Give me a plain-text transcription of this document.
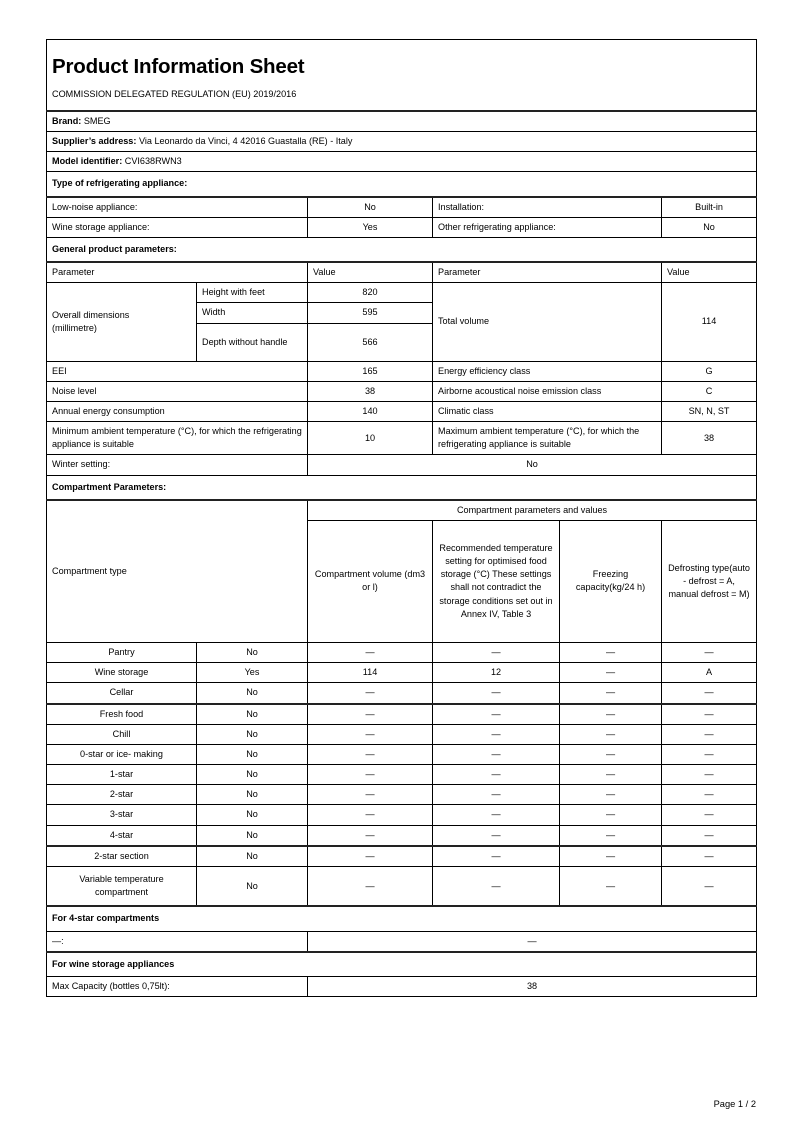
Product Information Sheet					

COMMISSION DELEGATED REGULATION (EU) 2019/2016					
Brand: SMEG					
Supplier’s address: Via Leonardo da Vinci, 4 42016 Guastalla (RE) - Italy					
Model identifier: CVI638RWN3					
Type of refrigerating appliance:					
Low-noise appliance:		No	Installation:		Built-in
Wine storage appliance:		Yes	Other refrigerating appliance:		No
General product parameters:					
Parameter		Value	Parameter		Value

Overall dimensions
(millimetre)	Height with feet	820	Total volume		114
	Width	595			
	Depth without handle	566			
EEI		165	Energy efficiency class		G
Noise level		38	Airborne acoustical noise emission class		C
Annual energy consumption		140	Climatic class		SN, N, ST
Minimum ambient temperature (°C), for which the refrigerating appliance is suitable		10	Maximum ambient temperature (°C), for which the refrigerating appliance is suitable		38
Winter setting:		No			
Compartment Parameters:					
Compartment type		Compartment parameters and values			
		Compartment volume (dm3 or l)	Recommended temperature setting for optimised food storage (°C) These settings shall not contradict the storage conditions set out in Annex IV, Table 3	Freezing capacity(kg/24 h)	Defrosting type(auto - defrost = A, manual defrost = M)
Pantry	No	—	—	—	—
Wine storage	Yes	114	12	—	A
Cellar	No	—	—	—	—
Fresh food	No	—	—	—	—
Chill	No	—	—	—	—
0-star or ice- making	No	—	—	—	—
1-star	No	—	—	—	—
2-star	No	—	—	—	—
3-star	No	—	—	—	—
4-star	No	—	—	—	—
2-star section	No	—	—	—	—
Variable temperature compartment	No	—	—	—	—
For 4-star compartments					
—:		—			
For wine storage appliances					
Max Capacity (bottles 0,75lt):		38			
Page 1 / 2
